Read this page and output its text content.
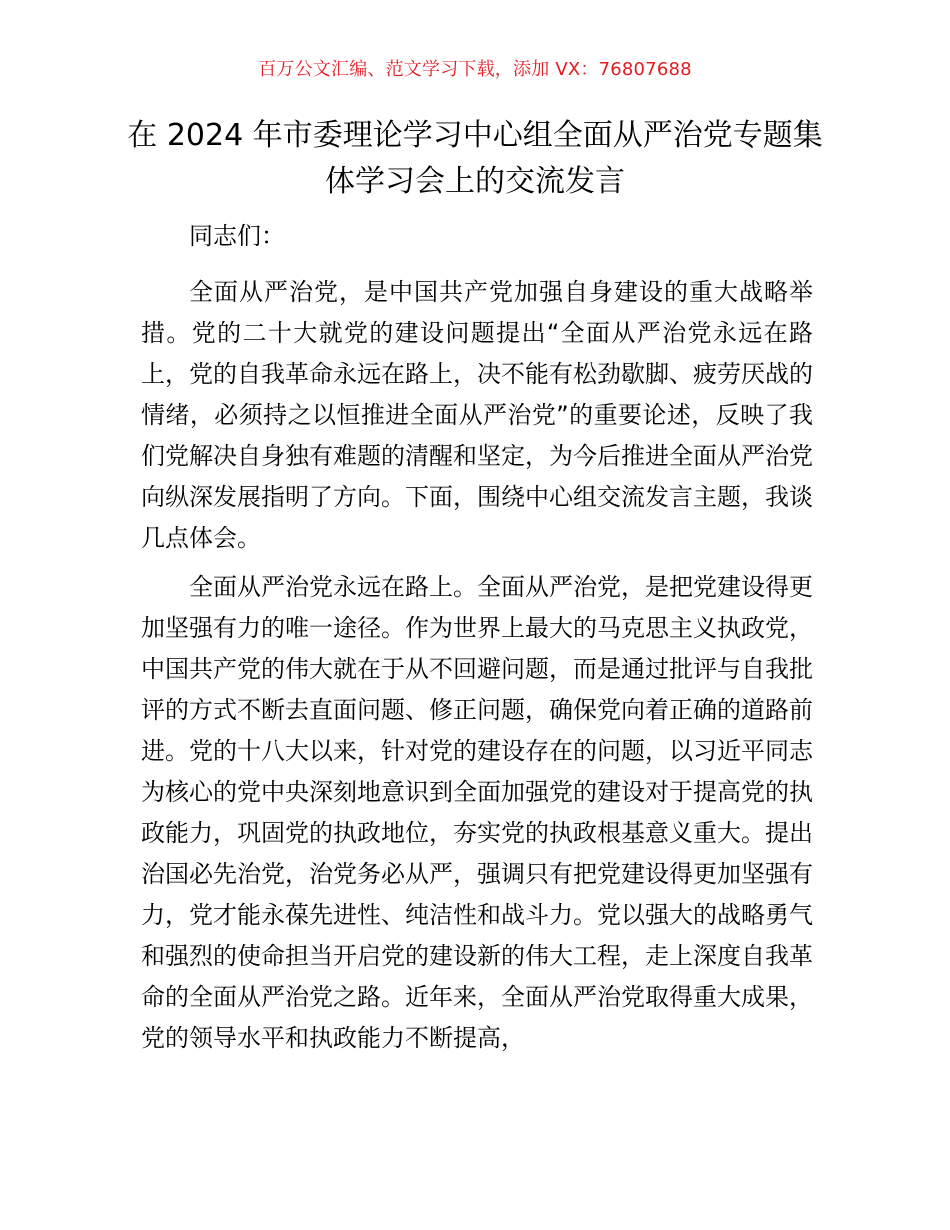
百万公文汇编、范文学习下载，添加 VX：76807688
在 2024 年市委理论学习中心组全面从严治党专题集体学习会上的交流发言

同志们：

全面从严治党，是中国共产党加强自身建设的重大战略举措。党的二十大就党的建设问题提出“全面从严治党永远在路上，党的自我革命永远在路上，决不能有松劲歇脚、疲劳厌战的情绪，必须持之以恒推进全面从严治党”的重要论述，反映了我们党解决自身独有难题的清醒和坚定，为今后推进全面从严治党向纵深发展指明了方向。下面，围绕中心组交流发言主题，我谈几点体会。

全面从严治党永远在路上。全面从严治党，是把党建设得更加坚强有力的唯一途径。作为世界上最大的马克思主义执政党，中国共产党的伟大就在于从不回避问题，而是通过批评与自我批评的方式不断去直面问题、修正问题，确保党向着正确的道路前进。党的十八大以来，针对党的建设存在的问题，以习近平同志为核心的党中央深刻地意识到全面加强党的建设对于提高党的执政能力，巩固党的执政地位，夯实党的执政根基意义重大。提出治国必先治党，治党务必从严，强调只有把党建设得更加坚强有力，党才能永葆先进性、纯洁性和战斗力。党以强大的战略勇气和强烈的使命担当开启党的建设新的伟大工程，走上深度自我革命的全面从严治党之路。近年来，全面从严治党取得重大成果，党的领导水平和执政能力不断提高，
